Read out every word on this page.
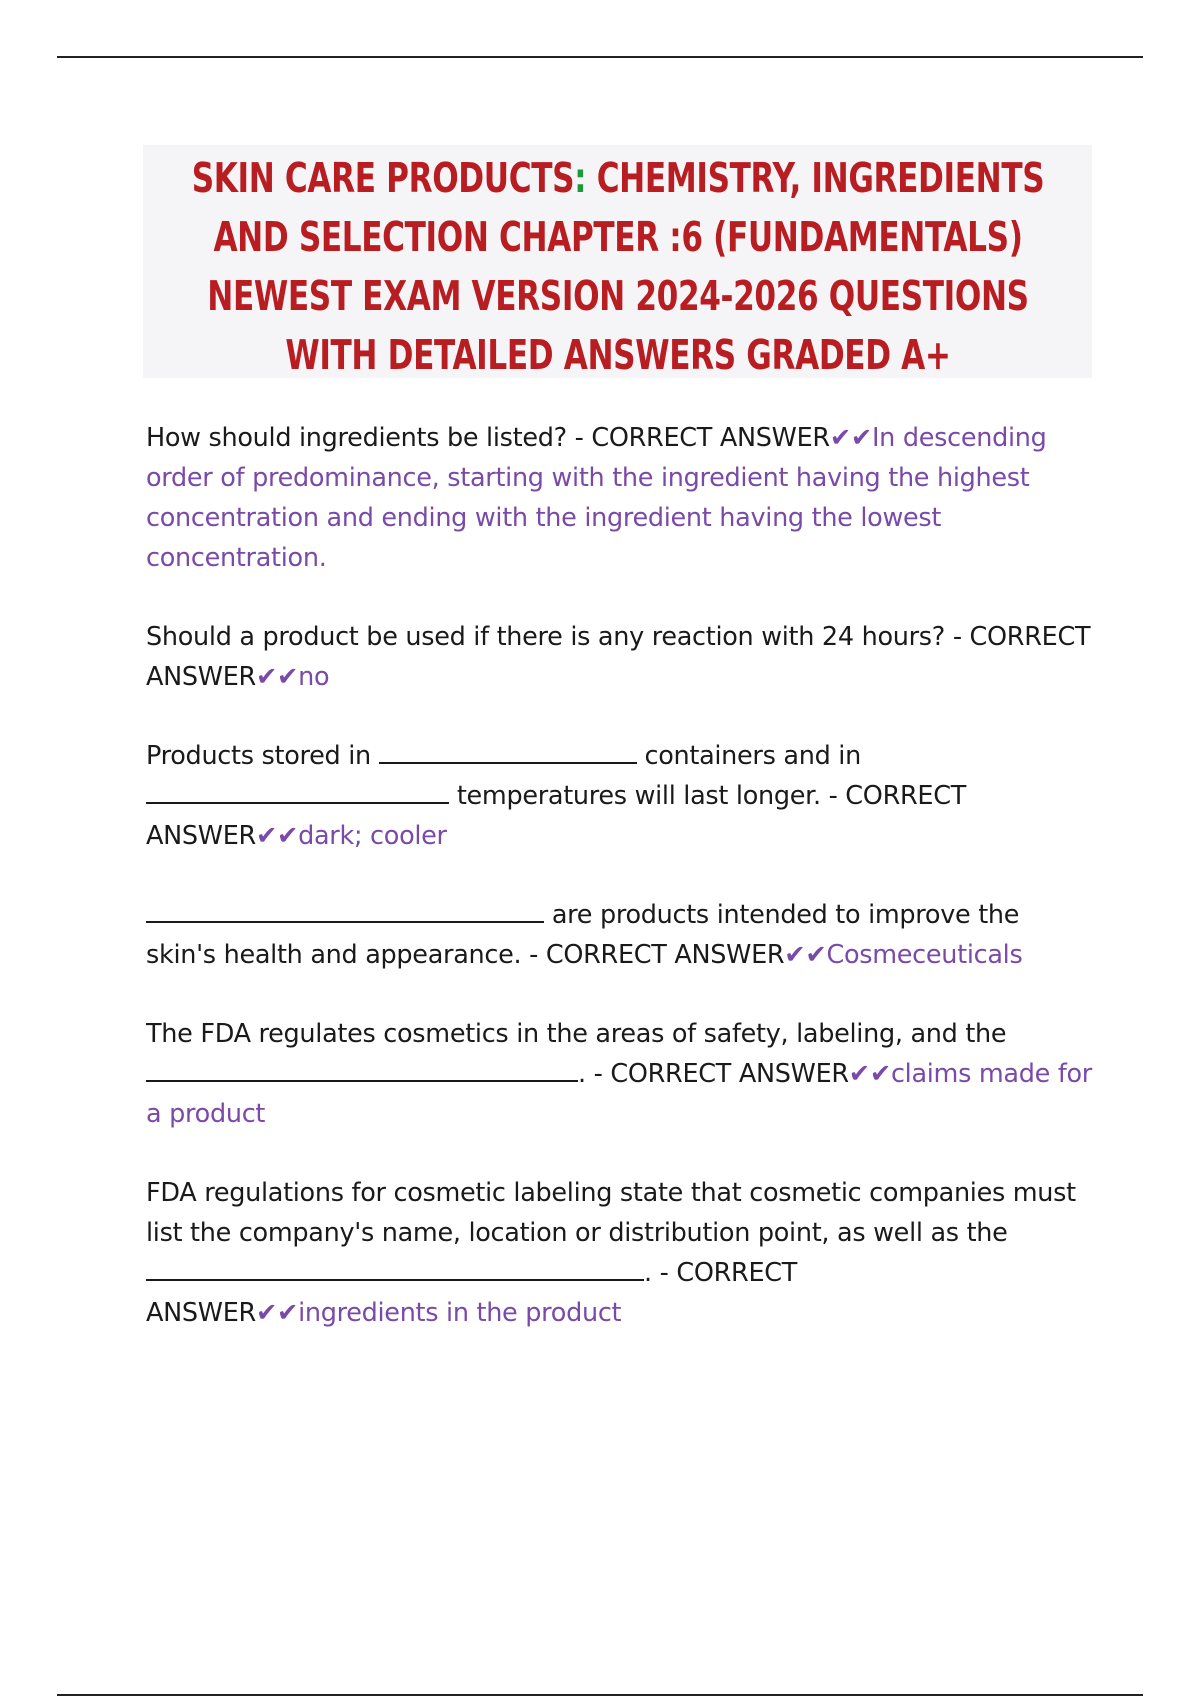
SKIN CARE PRODUCTS: CHEMISTRY, INGREDIENTS AND SELECTION CHAPTER :6 (FUNDAMENTALS) NEWEST EXAM VERSION 2024-2026 QUESTIONS WITH DETAILED ANSWERS GRADED A+

How should ingredients be listed? - CORRECT ANSWER✔✔In descending order of predominance, starting with the ingredient having the highest concentration and ending with the ingredient having the lowest concentration.

Should a product be used if there is any reaction with 24 hours? - CORRECT ANSWER✔✔no

Products stored in	containers and in  temperatures will last longer. - CORRECT ANSWER✔✔dark; cooler

are products intended to improve the skin's health and appearance. - CORRECT ANSWER✔✔Cosmeceuticals

The FDA regulates cosmetics in the areas of safety, labeling, and the . - CORRECT ANSWER✔✔claims made for a product

FDA regulations for cosmetic labeling state that cosmetic companies must list the company's name, location or distribution point, as well as the . - CORRECT ANSWER✔✔ingredients in the product
